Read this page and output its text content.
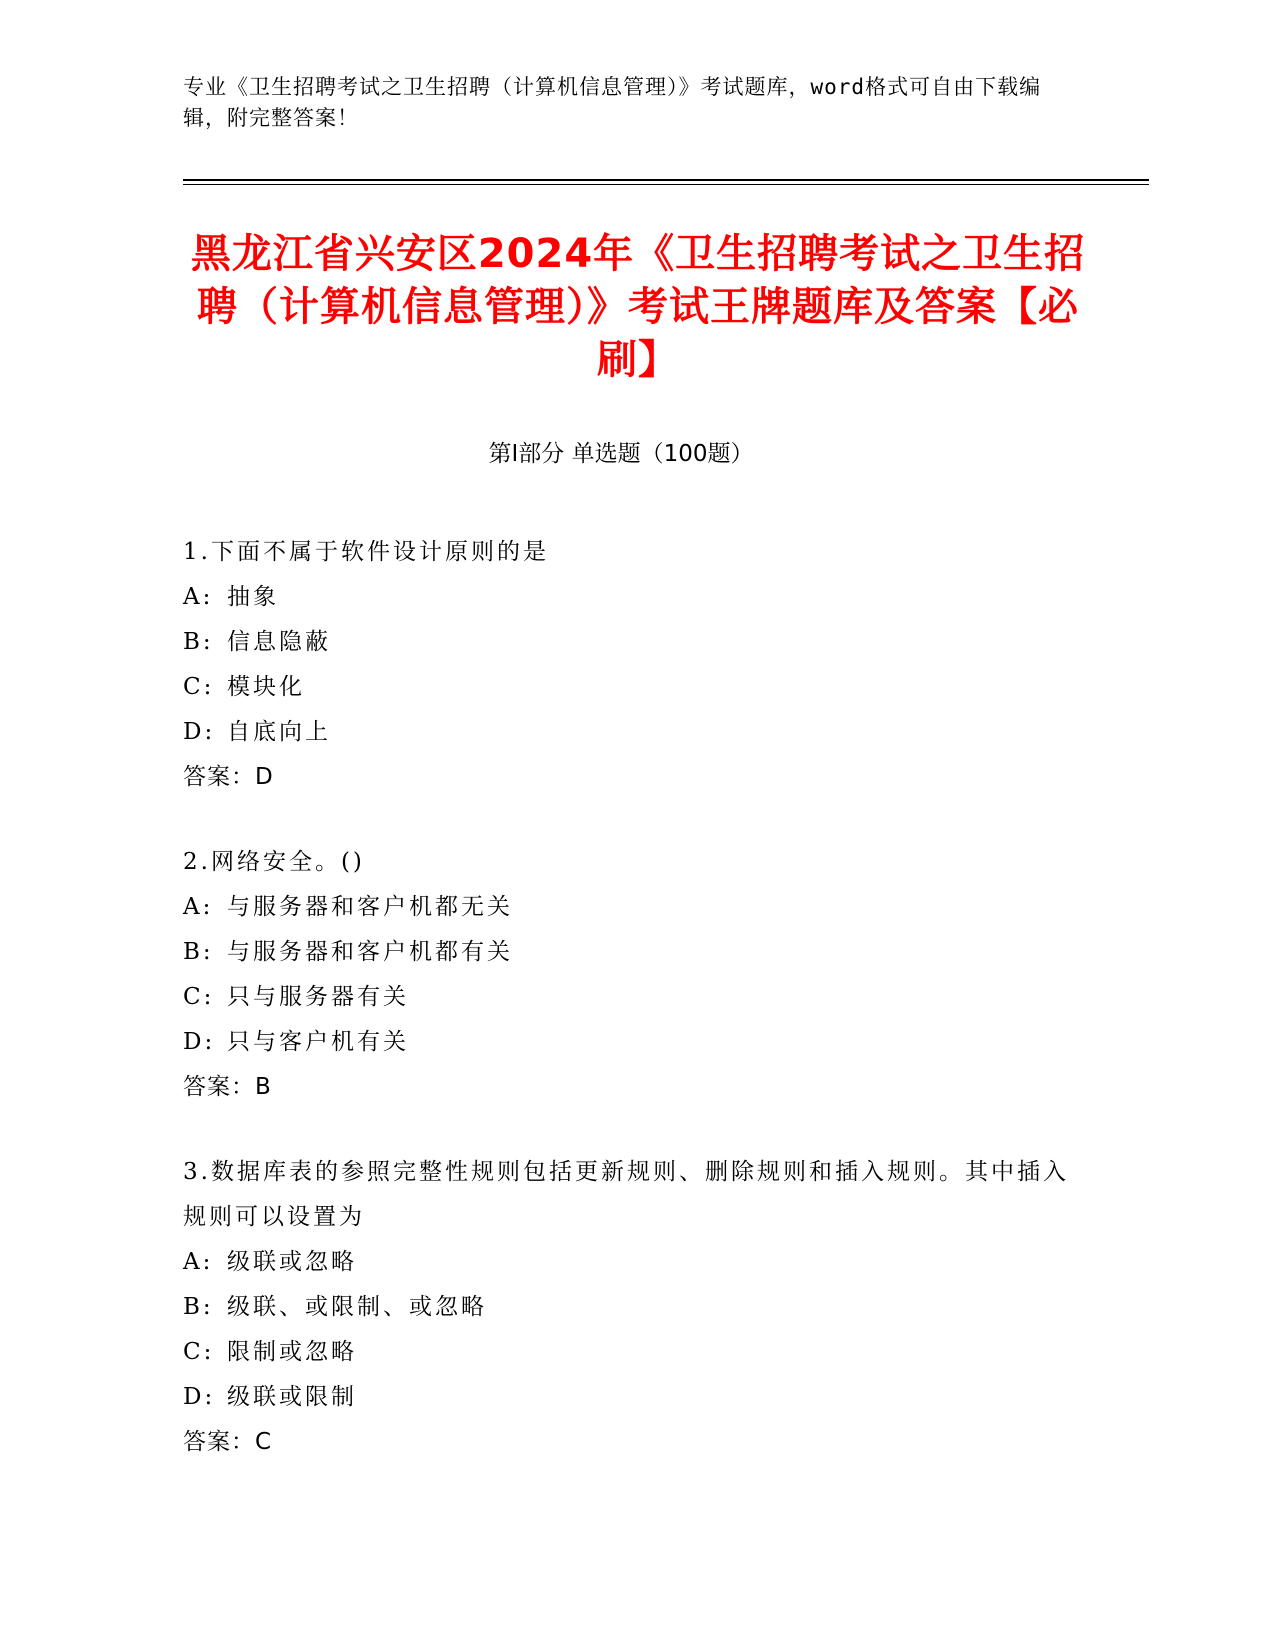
专业《卫生招聘考试之卫生招聘（计算机信息管理）》考试题库，word格式可自由下载编辑，附完整答案！
黑龙江省兴安区2024年《卫生招聘考试之卫生招聘（计算机信息管理）》考试王牌题库及答案【必刷】
第Ⅰ部分 单选题（100题）

1.下面不属于软件设计原则的是

A: 抽象
B: 信息隐蔽
C: 模块化
D: 自底向上
答案：D

2.网络安全。()

A: 与服务器和客户机都无关
B: 与服务器和客户机都有关
C: 只与服务器有关
D: 只与客户机有关
答案：B

3.数据库表的参照完整性规则包括更新规则、删除规则和插入规则。其中插入规则可以设置为

A: 级联或忽略
B: 级联、或限制、或忽略
C: 限制或忽略
D: 级联或限制
答案：C
